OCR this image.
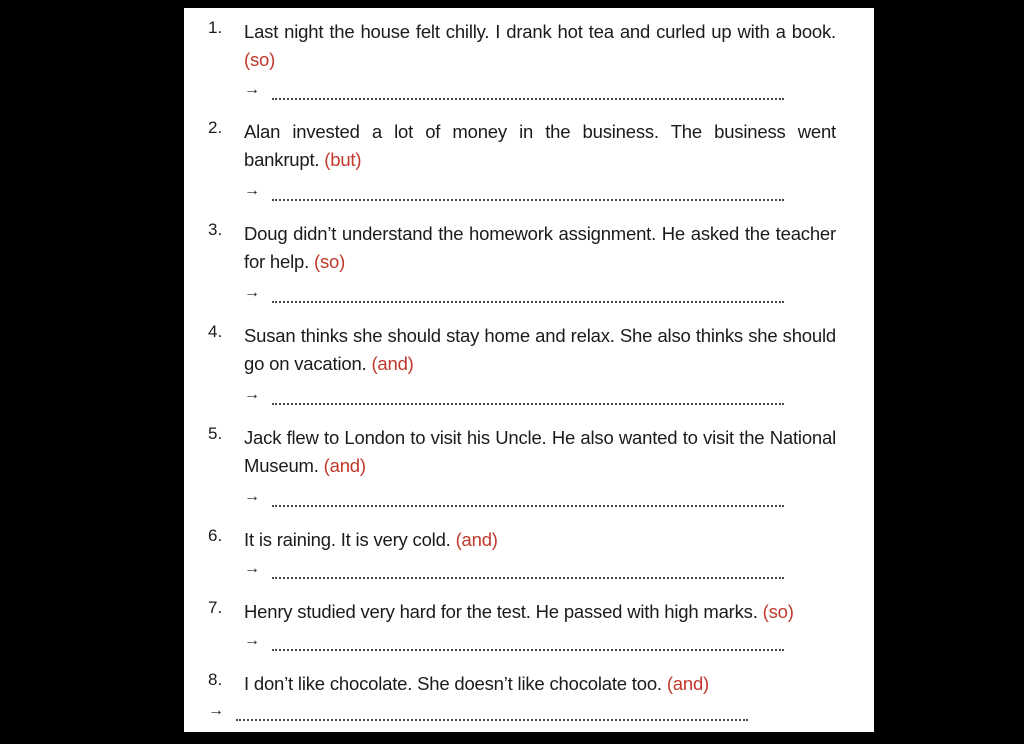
1. Last night the house felt chilly. I drank hot tea and curled up with a book. (so)
→
2. Alan invested a lot of money in the business. The business went bankrupt. (but)
→
3. Doug didn’t understand the homework assignment. He asked the teacher for help. (so)
→
4. Susan thinks she should stay home and relax. She also thinks she should go on vacation. (and)
→
5. Jack flew to London to visit his Uncle. He also wanted to visit the National Museum. (and)
→
6. It is raining. It is very cold. (and)
→
7. Henry studied very hard for the test. He passed with high marks. (so)
→
8. I don’t like chocolate. She doesn’t like chocolate too. (and)
→
